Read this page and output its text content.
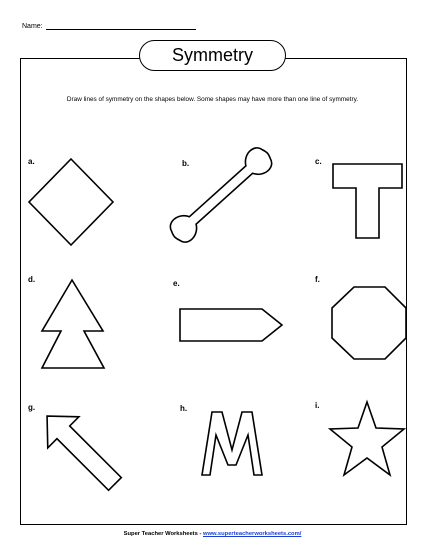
Name:
Symmetry
Draw lines of symmetry on the shapes below. Some shapes may have more than one line of symmetry.
a.	b.	c.
d.	e.	f.
g.	h.	i.
Super Teacher Worksheets - www.superteacherworksheets.com/
